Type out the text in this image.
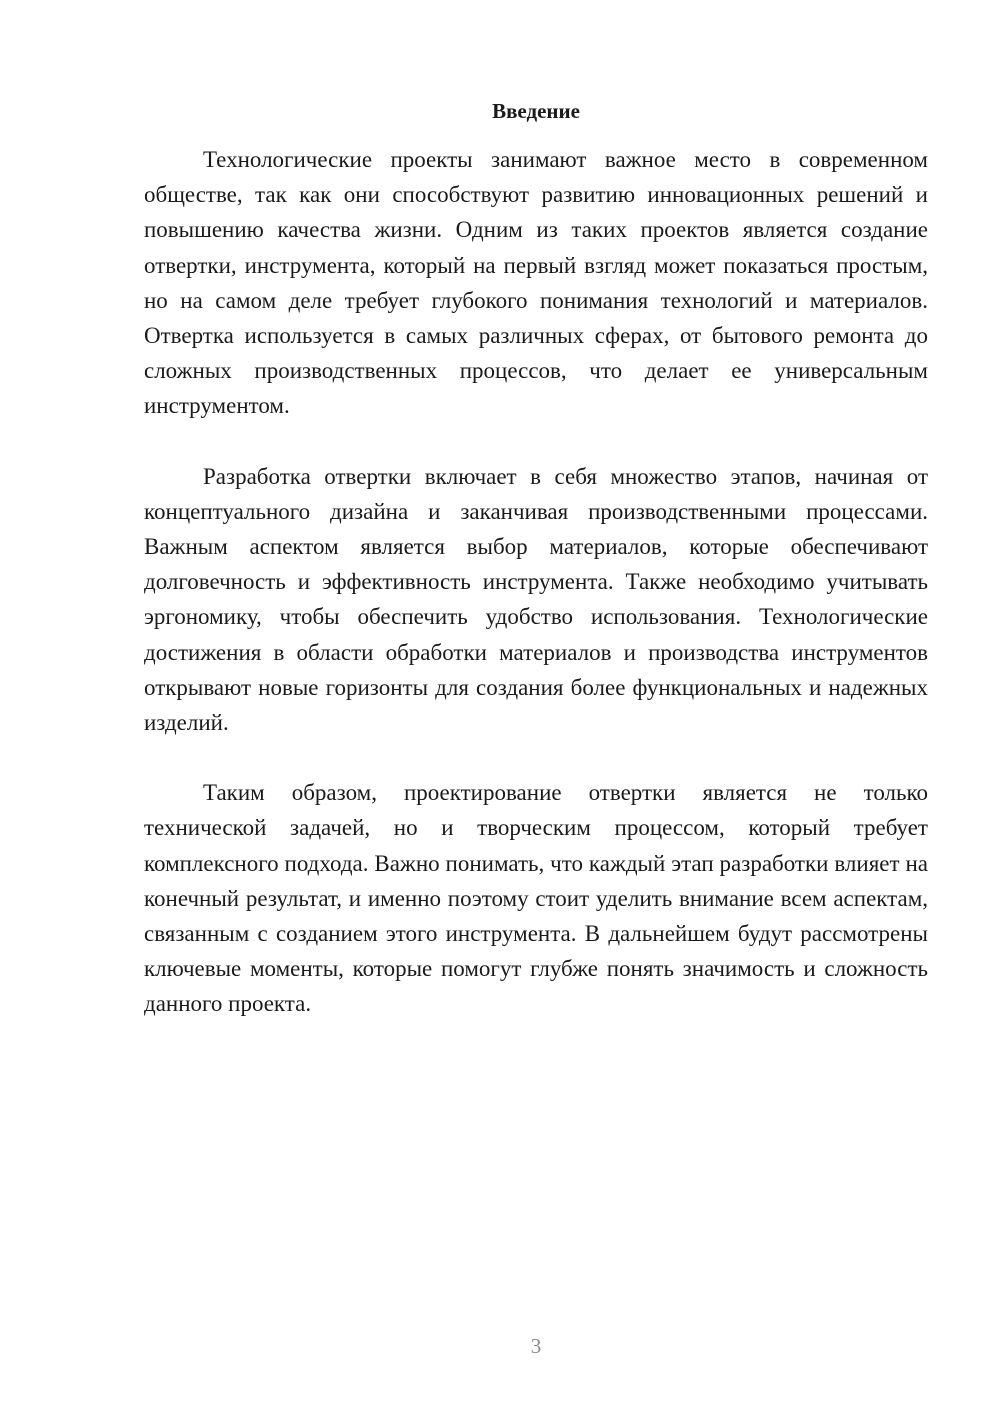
Введение

Технологические проекты занимают важное место в современном обществе, так как они способствуют развитию инновационных решений и повышению качества жизни. Одним из таких проектов является создание отвертки, инструмента, который на первый взгляд может показаться простым, но на самом деле требует глубокого понимания технологий и материалов. Отвертка используется в самых различных сферах, от бытового ремонта до сложных производственных процессов, что делает ее универсальным инструментом.

Разработка отвертки включает в себя множество этапов, начиная от концептуального дизайна и заканчивая производственными процессами. Важным аспектом является выбор материалов, которые обеспечивают долговечность и эффективность инструмента. Также необходимо учитывать эргономику, чтобы обеспечить удобство использования. Технологические достижения в области обработки материалов и производства инструментов открывают новые горизонты для создания более функциональных и надежных изделий.

Таким образом, проектирование отвертки является не только технической задачей, но и творческим процессом, который требует комплексного подхода. Важно понимать, что каждый этап разработки влияет на конечный результат, и именно поэтому стоит уделить внимание всем аспектам, связанным с созданием этого инструмента. В дальнейшем будут рассмотрены ключевые моменты, которые помогут глубже понять значимость и сложность данного проекта.

3
